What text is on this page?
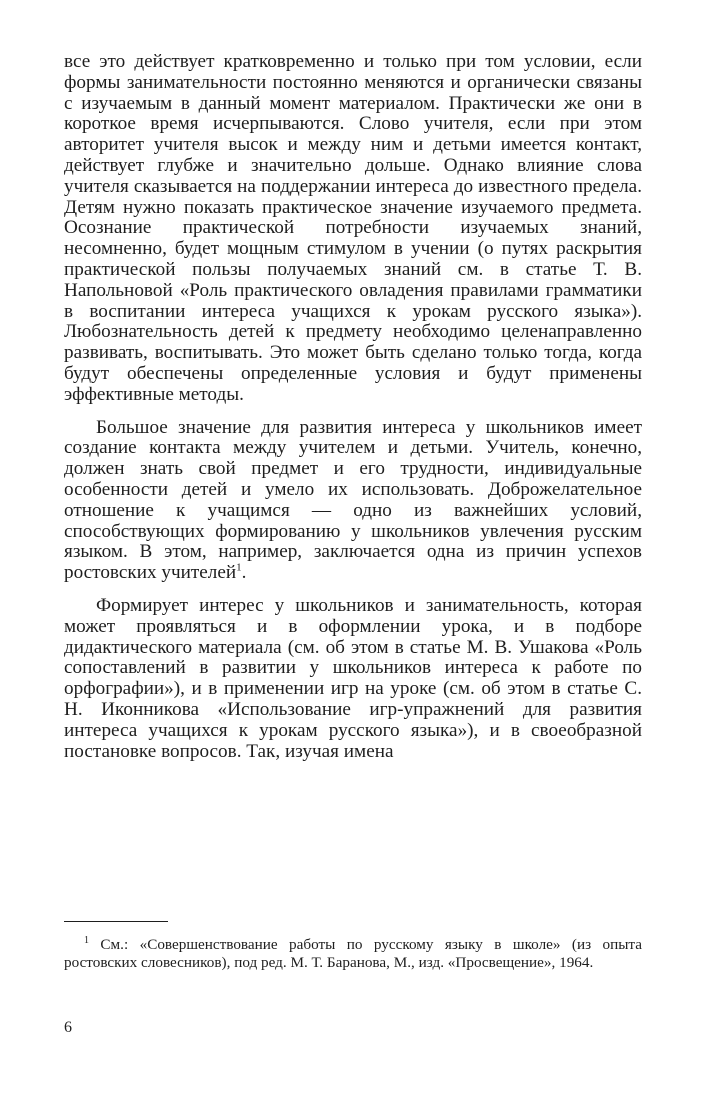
все это действует кратковременно и только при том условии, если формы занимательности постоянно меняются и органически связаны с изучаемым в данный момент материалом. Практически же они в короткое время исчерпываются. Слово учителя, если при этом авторитет учителя высок и между ним и детьми имеется контакт, действует глубже и значительно дольше. Однако влияние слова учителя сказывается на поддержании интереса до известного предела. Детям нужно показать практическое значение изучаемого предмета. Осознание практической потребности изучаемых знаний, несомненно, будет мощным стимулом в учении (о путях раскрытия практической пользы получаемых знаний см. в статье Т. В. Напольновой «Роль практического овладения правилами грамматики в воспитании интереса учащихся к урокам русского языка»). Любознательность детей к предмету необходимо целенаправленно развивать, воспитывать. Это может быть сделано только тогда, когда будут обеспечены определенные условия и будут применены эффективные методы.

Большое значение для развития интереса у школьников имеет создание контакта между учителем и детьми. Учитель, конечно, должен знать свой предмет и его трудности, индивидуальные особенности детей и умело их использовать. Доброжелательное отношение к учащимся — одно из важнейших условий, способствующих формированию у школьников увлечения русским языком. В этом, например, заключается одна из причин успехов ростовских учителей$^1$.

Формирует интерес у школьников и занимательность, которая может проявляться и в оформлении урока, и в подборе дидактического материала (см. об этом в статье М. В. Ушакова «Роль сопоставлений в развитии у школьников интереса к работе по орфографии»), и в применении игр на уроке (см. об этом в статье С. Н. Иконникова «Использование игр-упражнений для развития интереса учащихся к урокам русского языка»), и в своеобразной постановке вопросов. Так, изучая имена

$^1$ См.: «Совершенствование работы по русскому языку в школе» (из опыта ростовских словесников), под ред. М. Т. Баранова, М., изд. «Просвещение», 1964.

6
